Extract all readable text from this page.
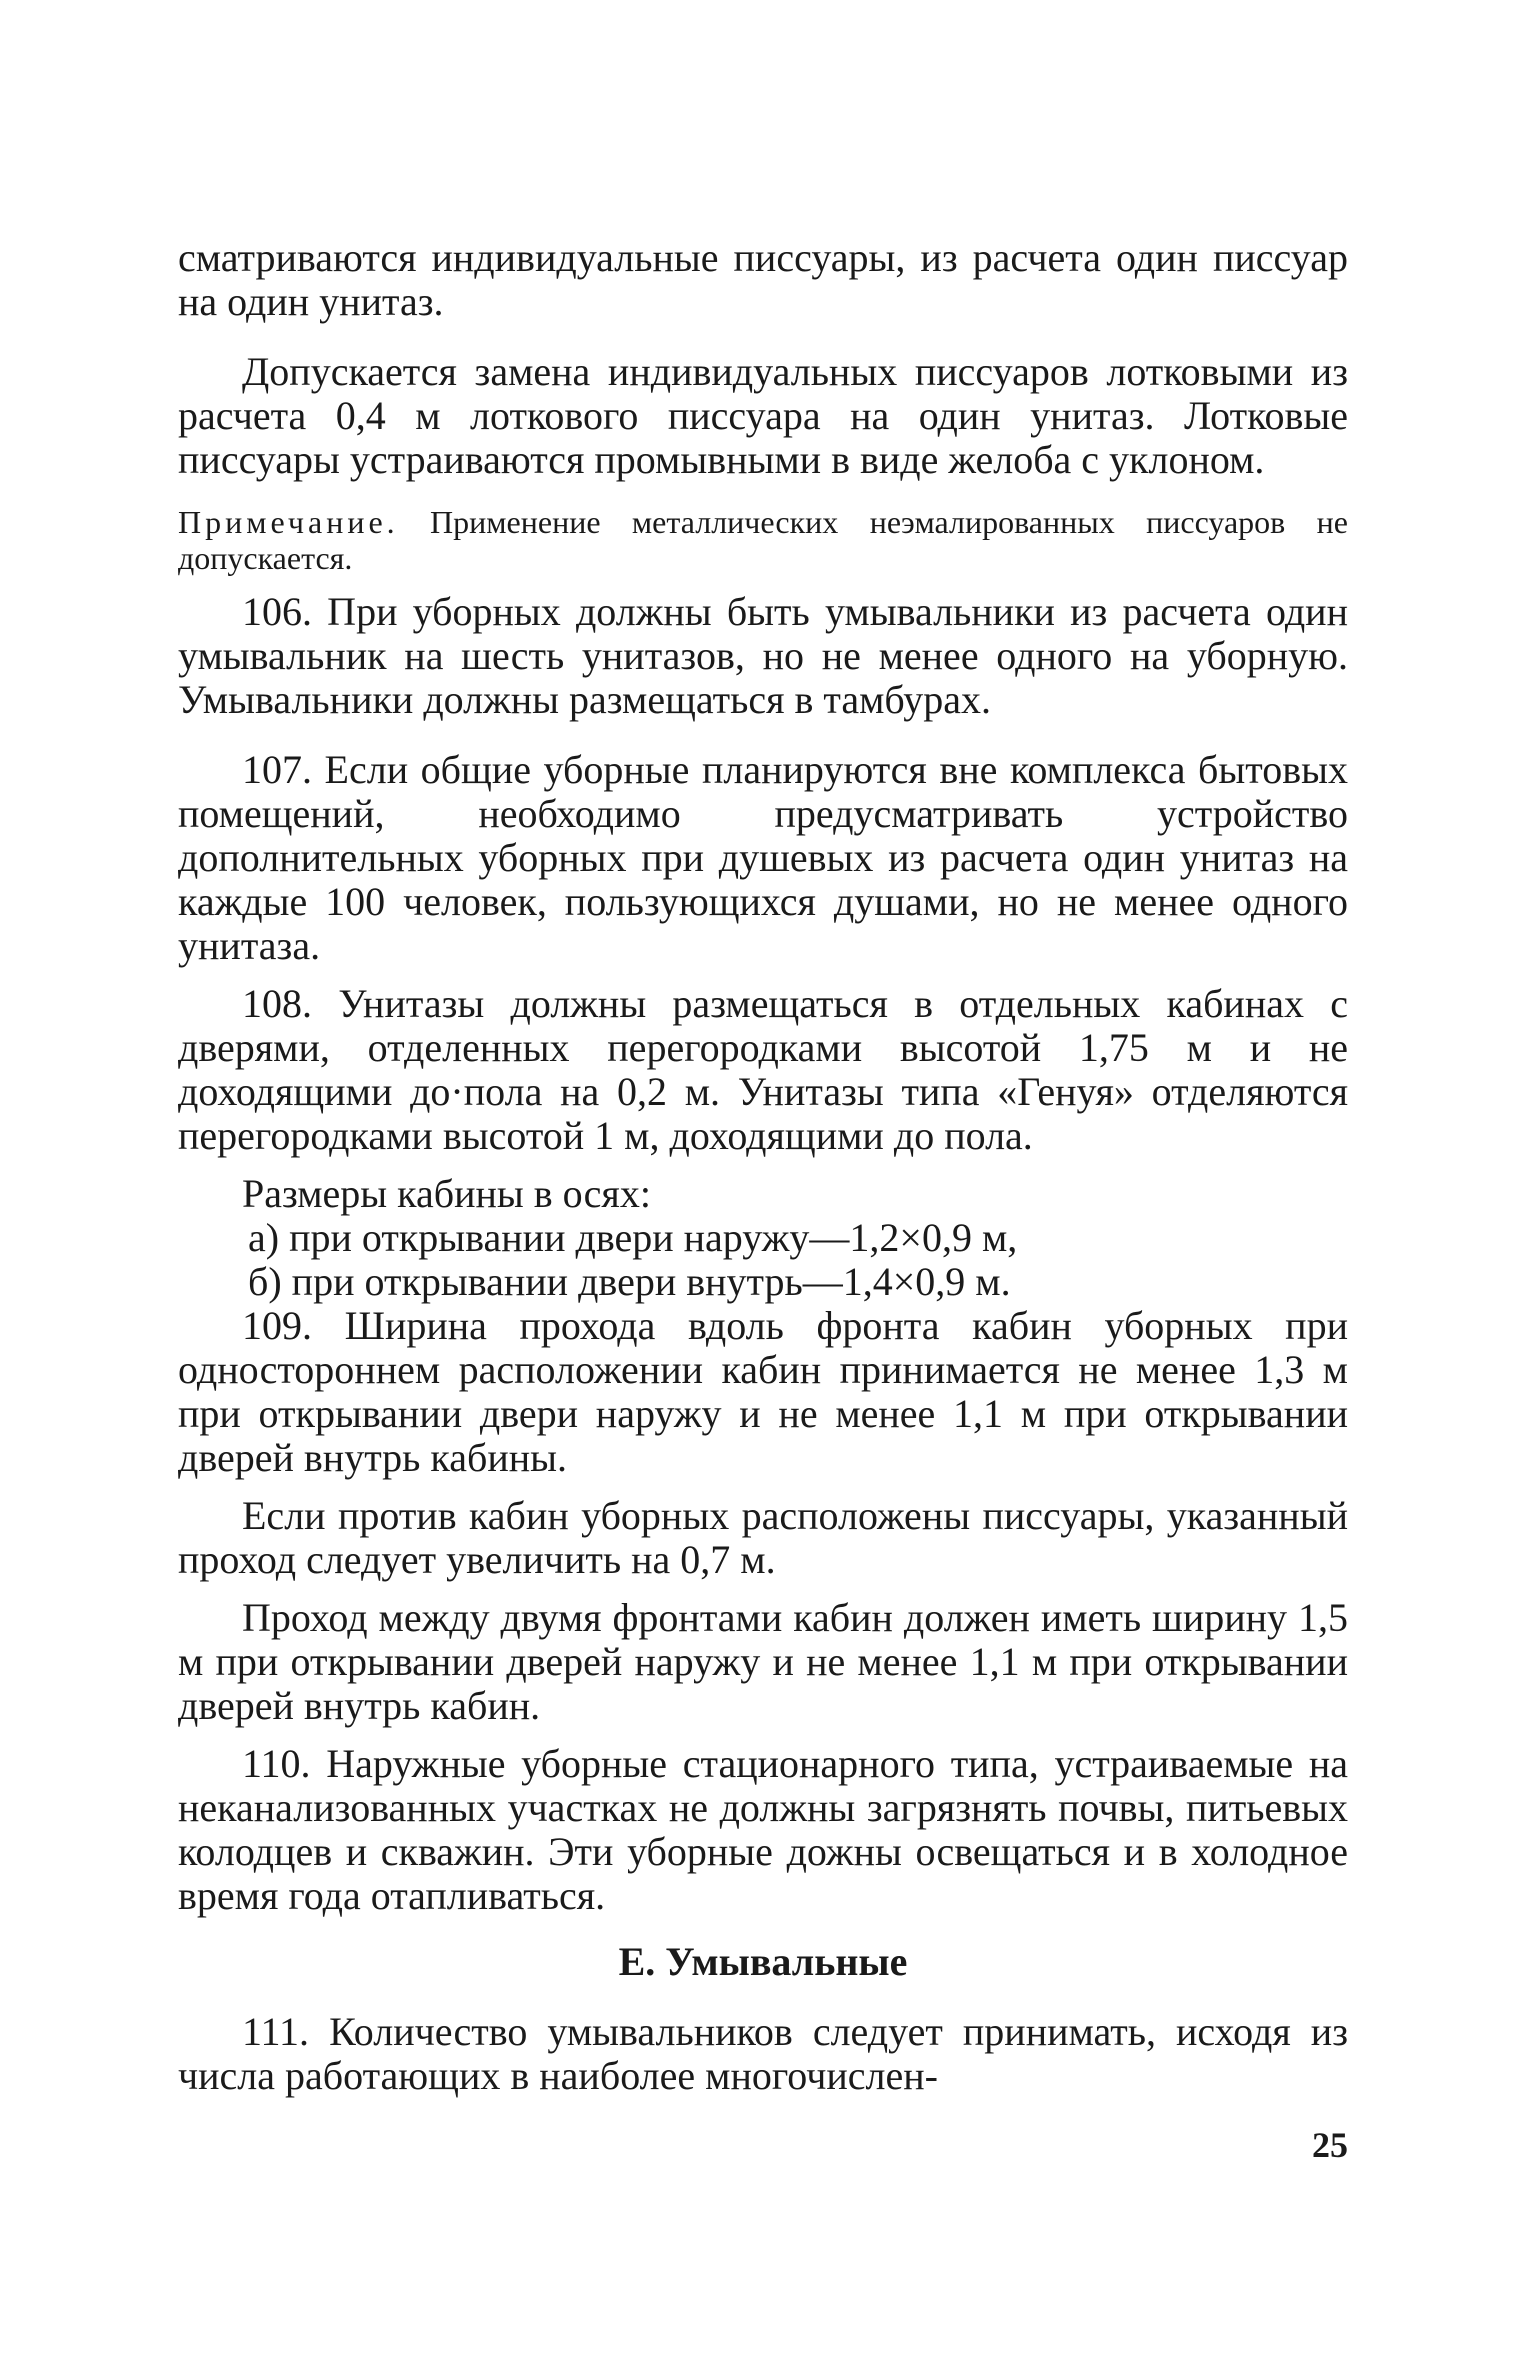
сматриваются индивидуальные писсуары, из расчета один писсуар на один унитаз.

Допускается замена индивидуальных писсуаров лотковыми из расчета 0,4 м лоткового писсуара на один унитаз. Лотковые писсуары устраиваются промывными в виде желоба с уклоном.

Примечание. Применение металлических неэмалированных писсуаров не допускается.

106. При уборных должны быть умывальники из расчета один умывальник на шесть унитазов, но не менее одного на уборную. Умывальники должны размещаться в тамбурах.

107. Если общие уборные планируются вне комплекса бытовых помещений, необходимо предусматривать устройство дополнительных уборных при душевых из расчета один унитаз на каждые 100 человек, пользующихся душами, но не менее одного унитаза.

108. Унитазы должны размещаться в отдельных кабинах с дверями, отделенных перегородками высотой 1,75 м и не доходящими до·пола на 0,2 м. Унитазы типа «Генуя» отделяются перегородками высотой 1 м, доходящими до пола.

Размеры кабины в осях:

а) при открывании двери наружу—1,2×0,9 м,

б) при открывании двери внутрь—1,4×0,9 м.

109. Ширина прохода вдоль фронта кабин уборных при одностороннем расположении кабин принимается не менее 1,3 м при открывании двери наружу и не менее 1,1 м при открывании дверей внутрь кабины.

Если против кабин уборных расположены писсуары, указанный проход следует увеличить на 0,7 м.

Проход между двумя фронтами кабин должен иметь ширину 1,5 м при открывании дверей наружу и не менее 1,1 м при открывании дверей внутрь кабин.

110. Наружные уборные стационарного типа, устраиваемые на неканализованных участках не должны загрязнять почвы, питьевых колодцев и скважин. Эти уборные дожны освещаться и в холодное время года отапливаться.

Е. Умывальные

111. Количество умывальников следует принимать, исходя из числа работающих в наиболее многочислен-

25
